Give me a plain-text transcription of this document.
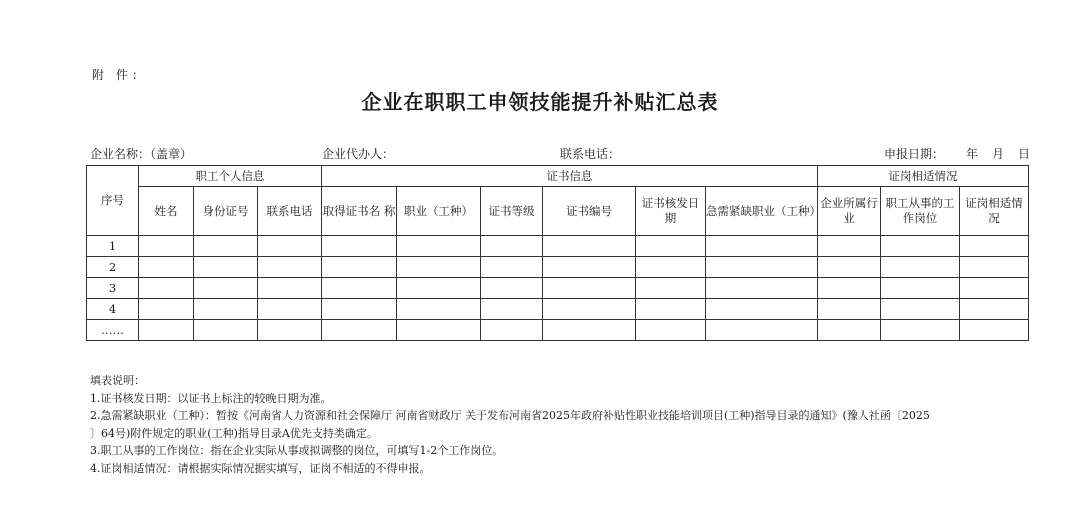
附 件：
企业在职职工申领技能提升补贴汇总表
企业名称：（盖章）	企业代办人：	联系电话：	申报日期： 年 月 日
序号	职工个人信息			证书信息						证岗相适情况		
	姓名	身份证号	联系电话	取得证书名 称	职业（工种）	证书等级	证书编号	证书核发日 期	急需紧缺职业（工种）	企业所属行 业	职工从事的工作岗位	证岗相适情 况
1												
2												
3												
4												
……												
填表说明：
1.证书核发日期：以证书上标注的较晚日期为准。
2.急需紧缺职业（工种）：暂按《河南省人力资源和社会保障厅 河南省财政厅 关于发布河南省2025年政府补贴性职业技能培训项目(工种)指导目录的通知》(豫人社函〔2025
〕64号)附件规定的职业(工种)指导目录A优先支持类确定。
3.职工从事的工作岗位：指在企业实际从事或拟调整的岗位，可填写1-2个工作岗位。
4.证岗相适情况：请根据实际情况据实填写，证岗不相适的不得申报。
